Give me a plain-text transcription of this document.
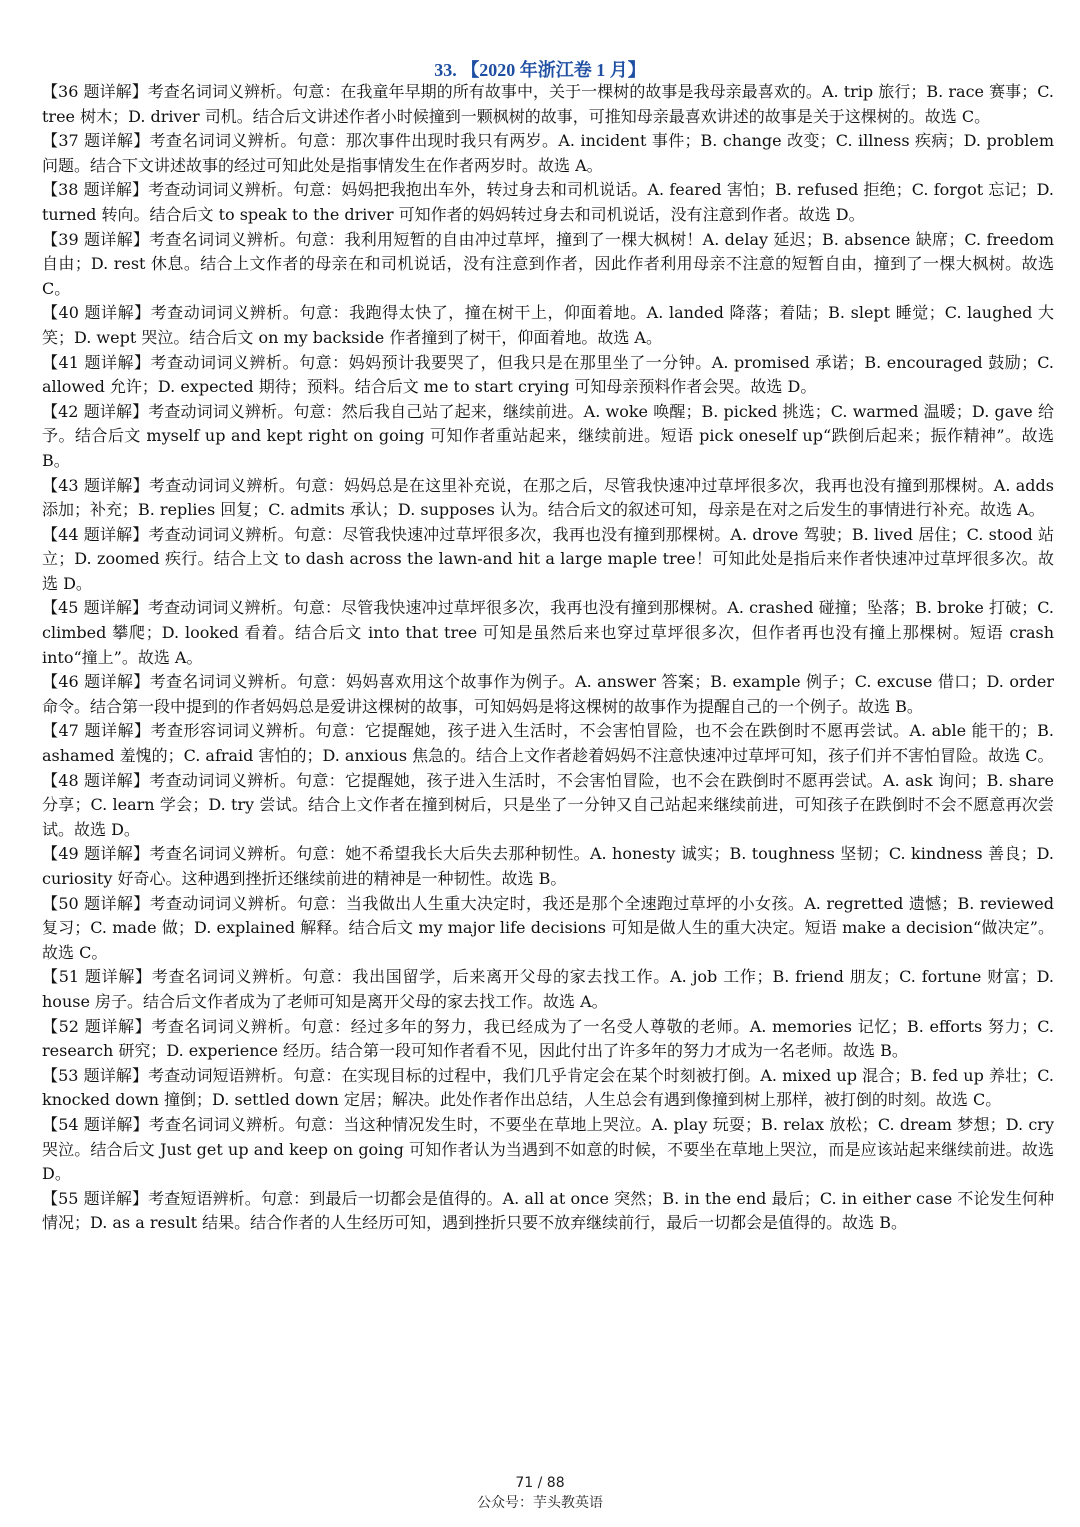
33. 【2020 年浙江卷 1 月】

【36 题详解】考查名词词义辨析。句意：在我童年早期的所有故事中，关于一棵树的故事是我母亲最喜欢的。A. trip 旅行；B. race 赛事；C. tree 树木；D. driver 司机。结合后文讲述作者小时候撞到一颗枫树的故事，可推知母亲最喜欢讲述的故事是关于这棵树的。故选 C。

【37 题详解】考查名词词义辨析。句意：那次事件出现时我只有两岁。A. incident 事件；B. change 改变；C. illness 疾病；D. problem 问题。结合下文讲述故事的经过可知此处是指事情发生在作者两岁时。故选 A。

【38 题详解】考查动词词义辨析。句意：妈妈把我抱出车外，转过身去和司机说话。A. feared 害怕；B. refused 拒绝；C. forgot 忘记；D. turned 转向。结合后文 to speak to the driver 可知作者的妈妈转过身去和司机说话，没有注意到作者。故选 D。

【39 题详解】考查名词词义辨析。句意：我利用短暂的自由冲过草坪，撞到了一棵大枫树！A. delay 延迟；B. absence 缺席；C. freedom 自由；D. rest 休息。结合上文作者的母亲在和司机说话，没有注意到作者，因此作者利用母亲不注意的短暂自由，撞到了一棵大枫树。故选 C。

【40 题详解】考查动词词义辨析。句意：我跑得太快了，撞在树干上，仰面着地。A. landed 降落；着陆；B. slept 睡觉；C. laughed 大笑；D. wept 哭泣。结合后文 on my backside 作者撞到了树干，仰面着地。故选 A。

【41 题详解】考查动词词义辨析。句意：妈妈预计我要哭了，但我只是在那里坐了一分钟。A. promised 承诺；B. encouraged 鼓励；C. allowed 允许；D. expected 期待；预料。结合后文 me to start crying 可知母亲预料作者会哭。故选 D。

【42 题详解】考查动词词义辨析。句意：然后我自己站了起来，继续前进。A. woke 唤醒；B. picked 挑选；C. warmed 温暖；D. gave 给予。结合后文 myself up and kept right on going 可知作者重站起来，继续前进。短语 pick oneself up“跌倒后起来；振作精神”。故选 B。

【43 题详解】考查动词词义辨析。句意：妈妈总是在这里补充说，在那之后，尽管我快速冲过草坪很多次，我再也没有撞到那棵树。A. adds 添加；补充；B. replies 回复；C. admits 承认；D. supposes 认为。结合后文的叙述可知，母亲是在对之后发生的事情进行补充。故选 A。

【44 题详解】考查动词词义辨析。句意：尽管我快速冲过草坪很多次，我再也没有撞到那棵树。A. drove 驾驶；B. lived 居住；C. stood 站立；D. zoomed 疾行。结合上文 to dash across the lawn-and hit a large maple tree！可知此处是指后来作者快速冲过草坪很多次。故选 D。

【45 题详解】考查动词词义辨析。句意：尽管我快速冲过草坪很多次，我再也没有撞到那棵树。A. crashed 碰撞；坠落；B. broke 打破；C. climbed 攀爬；D. looked 看着。结合后文 into that tree 可知是虽然后来也穿过草坪很多次，但作者再也没有撞上那棵树。短语 crash into“撞上”。故选 A。

【46 题详解】考查名词词义辨析。句意：妈妈喜欢用这个故事作为例子。A. answer 答案；B. example 例子；C. excuse 借口；D. order 命令。结合第一段中提到的作者妈妈总是爱讲这棵树的故事，可知妈妈是将这棵树的故事作为提醒自己的一个例子。故选 B。

【47 题详解】考查形容词词义辨析。句意：它提醒她，孩子进入生活时，不会害怕冒险，也不会在跌倒时不愿再尝试。A. able 能干的；B. ashamed 羞愧的；C. afraid 害怕的；D. anxious 焦急的。结合上文作者趁着妈妈不注意快速冲过草坪可知，孩子们并不害怕冒险。故选 C。

【48 题详解】考查动词词义辨析。句意：它提醒她，孩子进入生活时，不会害怕冒险，也不会在跌倒时不愿再尝试。A. ask 询问；B. share 分享；C. learn 学会；D. try 尝试。结合上文作者在撞到树后，只是坐了一分钟又自己站起来继续前进，可知孩子在跌倒时不会不愿意再次尝试。故选 D。

【49 题详解】考查名词词义辨析。句意：她不希望我长大后失去那种韧性。A. honesty 诚实；B. toughness 坚韧；C. kindness 善良；D. curiosity 好奇心。这种遇到挫折还继续前进的精神是一种韧性。故选 B。

【50 题详解】考查动词词义辨析。句意：当我做出人生重大决定时，我还是那个全速跑过草坪的小女孩。A. regretted 遗憾；B. reviewed 复习；C. made 做；D. explained 解释。结合后文 my major life decisions 可知是做人生的重大决定。短语 make a decision“做决定”。故选 C。

【51 题详解】考查名词词义辨析。句意：我出国留学，后来离开父母的家去找工作。A. job 工作；B. friend 朋友；C. fortune 财富；D. house 房子。结合后文作者成为了老师可知是离开父母的家去找工作。故选 A。

【52 题详解】考查名词词义辨析。句意：经过多年的努力，我已经成为了一名受人尊敬的老师。A. memories 记忆；B. efforts 努力；C. research 研究；D. experience 经历。结合第一段可知作者看不见，因此付出了许多年的努力才成为一名老师。故选 B。

【53 题详解】考查动词短语辨析。句意：在实现目标的过程中，我们几乎肯定会在某个时刻被打倒。A. mixed up 混合；B. fed up 养壮；C. knocked down 撞倒；D. settled down 定居；解决。此处作者作出总结，人生总会有遇到像撞到树上那样，被打倒的时刻。故选 C。

【54 题详解】考查名词词义辨析。句意：当这种情况发生时，不要坐在草地上哭泣。A. play 玩耍；B. relax 放松；C. dream 梦想；D. cry 哭泣。结合后文 Just get up and keep on going 可知作者认为当遇到不如意的时候，不要坐在草地上哭泣，而是应该站起来继续前进。故选 D。

【55 题详解】考查短语辨析。句意：到最后一切都会是值得的。A. all at once 突然；B. in the end 最后；C. in either case 不论发生何种情况；D. as a result 结果。结合作者的人生经历可知，遇到挫折只要不放弃继续前行，最后一切都会是值得的。故选 B。

71 / 88
公众号：芋头教英语
